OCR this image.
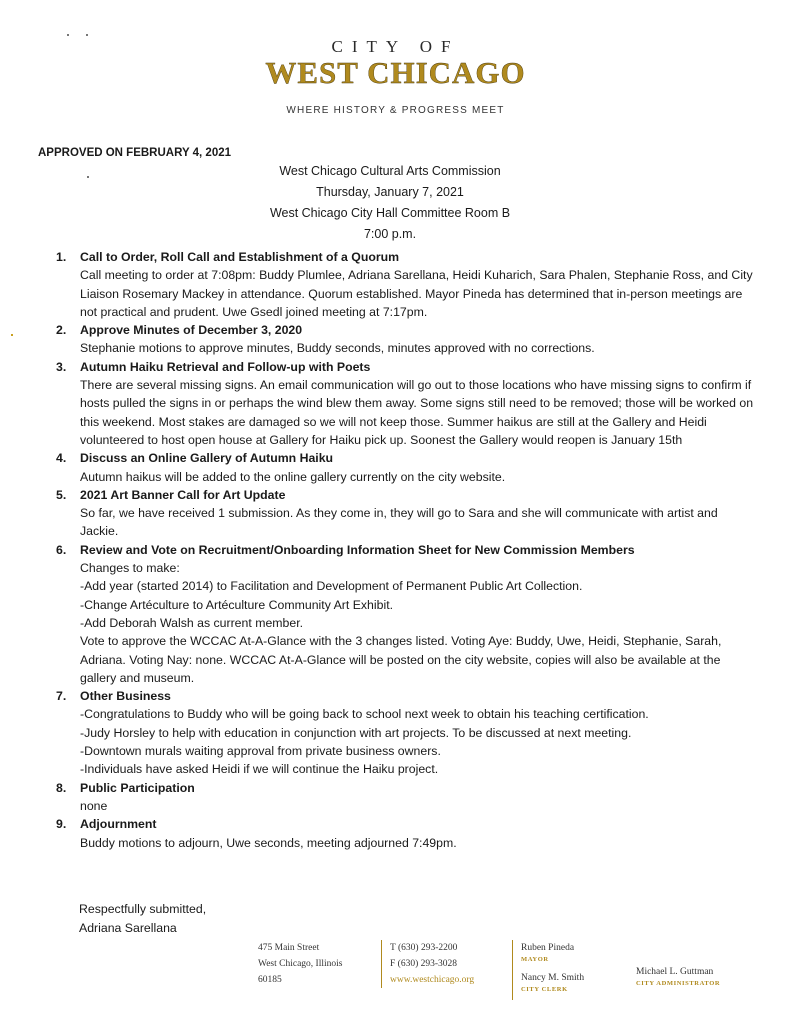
CITY OF
WEST CHICAGO
WHERE HISTORY & PROGRESS MEET
APPROVED ON FEBRUARY 4, 2021
West Chicago Cultural Arts Commission
Thursday, January 7, 2021
West Chicago City Hall Committee Room B
7:00 p.m.
1. Call to Order, Roll Call and Establishment of a Quorum

Call meeting to order at 7:08pm: Buddy Plumlee, Adriana Sarellana, Heidi Kuharich, Sara Phalen, Stephanie Ross, and City Liaison Rosemary Mackey in attendance. Quorum established. Mayor Pineda has determined that in-person meetings are not practical and prudent. Uwe Gsedl joined meeting at 7:17pm.

2. Approve Minutes of December 3, 2020

Stephanie motions to approve minutes, Buddy seconds, minutes approved with no corrections.

3. Autumn Haiku Retrieval and Follow-up with Poets

There are several missing signs. An email communication will go out to those locations who have missing signs to confirm if hosts pulled the signs in or perhaps the wind blew them away. Some signs still need to be removed; those will be worked on this weekend. Most stakes are damaged so we will not keep those. Summer haikus are still at the Gallery and Heidi volunteered to host open house at Gallery for Haiku pick up. Soonest the Gallery would reopen is January 15th

4. Discuss an Online Gallery of Autumn Haiku

Autumn haikus will be added to the online gallery currently on the city website.

5. 2021 Art Banner Call for Art Update

So far, we have received 1 submission. As they come in, they will go to Sara and she will communicate with artist and Jackie.

6. Review and Vote on Recruitment/Onboarding Information Sheet for New Commission Members

Changes to make:

-Add year (started 2014) to Facilitation and Development of Permanent Public Art Collection.

-Change Artéculture to Artéculture Community Art Exhibit.

-Add Deborah Walsh as current member.

Vote to approve the WCCAC At-A-Glance with the 3 changes listed. Voting Aye: Buddy, Uwe, Heidi, Stephanie, Sarah, Adriana. Voting Nay: none. WCCAC At-A-Glance will be posted on the city website, copies will also be available at the gallery and museum.

7. Other Business

-Congratulations to Buddy who will be going back to school next week to obtain his teaching certification.

-Judy Horsley to help with education in conjunction with art projects. To be discussed at next meeting.

-Downtown murals waiting approval from private business owners.

-Individuals have asked Heidi if we will continue the Haiku project.

8. Public Participation

none

9. Adjournment

Buddy motions to adjourn, Uwe seconds, meeting adjourned 7:49pm.

Respectfully submitted,
Adriana Sarellana
475 Main Street
West Chicago, Illinois
60185
T (630) 293-2200
F (630) 293-3028
www.westchicago.org
Ruben Pineda
MAYOR
Nancy M. Smith
CITY CLERK
Michael L. Guttman
CITY ADMINISTRATOR
